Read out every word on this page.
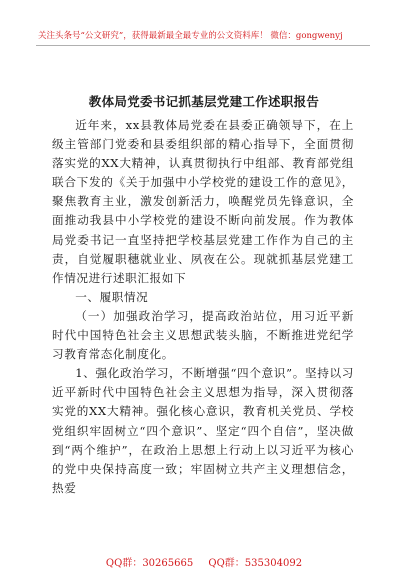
关注头条号“公文研究”，获得最新最全最专业的公文资料库！ 微信：gongwenyj
教体局党委书记抓基层党建工作述职报告

近年来，xx县教体局党委在县委正确领导下，在上级主管部门党委和县委组织部的精心指导下，全面贯彻落实党的XX大精神，认真贯彻执行中组部、教育部党组联合下发的《关于加强中小学校党的建设工作的意见》，聚焦教育主业，激发创新活力，唤醒党员先锋意识，全面推动我县中小学校党的建设不断向前发展。作为教体局党委书记一直坚持把学校基层党建工作作为自己的主责，自觉履职穗就业业、夙夜在公。现就抓基层党建工作情况进行述职汇报如下

一、履职情况

（一）加强政治学习，提高政治站位，用习近平新时代中国特色社会主义思想武装头脑，不断推进党纪学习教育常态化制度化。

1、强化政治学习，不断增强“四个意识”。坚持以习近平新时代中国特色社会主义思想为指导，深入贯彻落实党的XX大精神。强化核心意识，教育机关党员、学校党组织牢固树立“四个意识”、坚定“四个自信”，坚决做到“两个维护”，在政治上思想上行动上以习近平为核心的党中央保持高度一致；牢固树立共产主义理想信念，热爱

QQ群：30265665 QQ群：535304092
